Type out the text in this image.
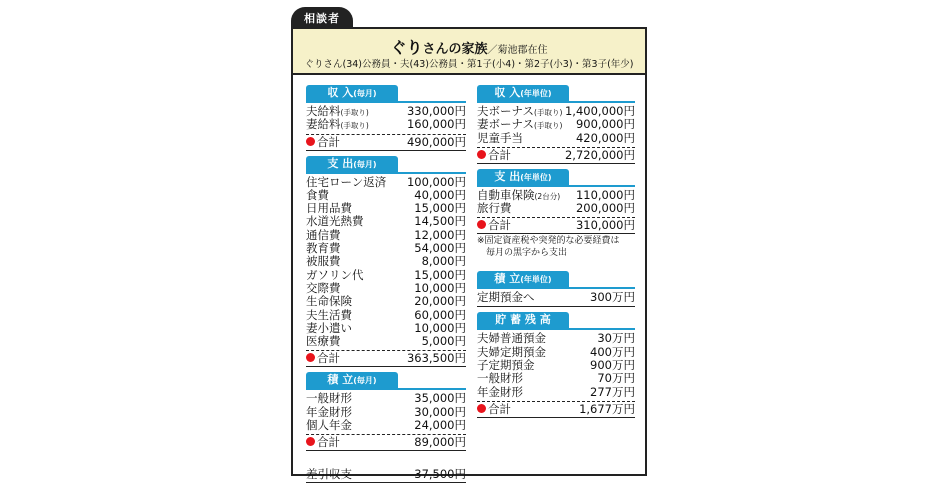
相談者
ぐりさんの家族／菊池郡在住
ぐりさん(34)公務員・夫(43)公務員・第1子(小4)・第2子(小3)・第3子(年少)
収 入(毎月)
夫給料(手取り)	330,000円
妻給料(手取り)	160,000円
合計	490,000円
支 出(毎月)
住宅ローン返済 100,000円
食費	40,000円
日用品費	15,000円
水道光熱費	14,500円
通信費	12,000円
教育費	54,000円
被服費	8,000円
ガソリン代	15,000円
交際費	10,000円
生命保険	20,000円
夫生活費	60,000円
妻小遣い	10,000円
医療費	5,000円
合計	363,500円
積 立(毎月)
一般財形	35,000円
年金財形	30,000円
個人年金	24,000円
合計	89,000円
差引収支	37,500円
収 入(年単位)
夫ボーナス(手取り) 1,400,000円
妻ボーナス(手取り) 900,000円
児童手当	420,000円
合計	2,720,000円
支 出(年単位)
自動車保険(2台分) 110,000円
旅行費	200,000円
合計	310,000円
※固定資産税や突発的な必要経費は
　毎月の黒字から支出
積 立(年単位)
定期預金へ	300万円
貯 蓄 残 高
夫婦普通預金	30万円
夫婦定期預金	400万円
子定期預金	900万円
一般財形	70万円
年金財形	277万円
合計	1,677万円
